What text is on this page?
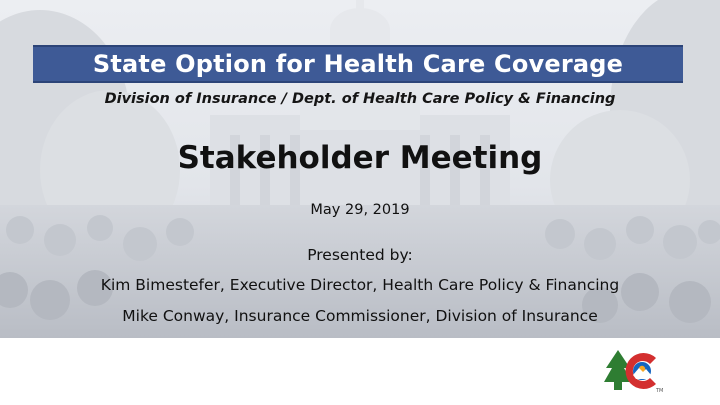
State Option for Health Care Coverage
Division of Insurance / Dept. of Health Care Policy & Financing
Stakeholder Meeting
May 29, 2019
Presented by:
Kim Bimestefer, Executive Director, Health Care Policy & Financing
Mike Conway, Insurance Commissioner, Division of Insurance
TM
